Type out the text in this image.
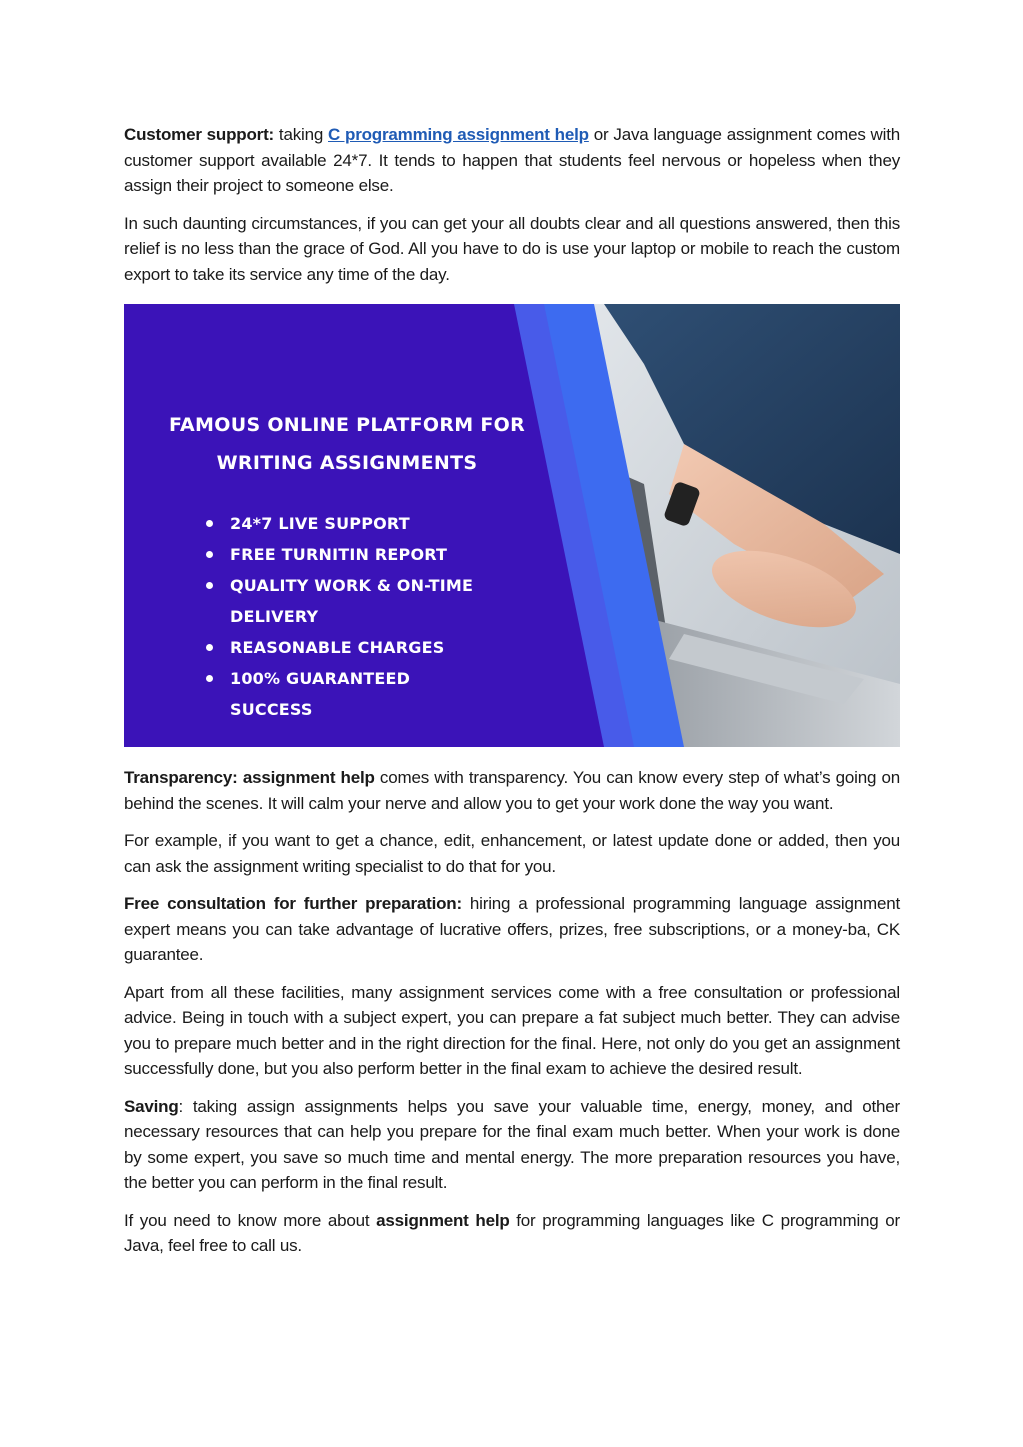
Customer support: taking C programming assignment help or Java language assignment comes with customer support available 24*7. It tends to happen that students feel nervous or hopeless when they assign their project to someone else.

In such daunting circumstances, if you can get your all doubts clear and all questions answered, then this relief is no less than the grace of God. All you have to do is use your laptop or mobile to reach the custom export to take its service any time of the day.

FAMOUS ONLINE PLATFORM FOR
WRITING ASSIGNMENTS
24*7 LIVE SUPPORT
FREE TURNITIN REPORT
QUALITY WORK & ON-TIME DELIVERY
REASONABLE CHARGES
100% GUARANTEED SUCCESS

Transparency: assignment help comes with transparency. You can know every step of what’s going on behind the scenes. It will calm your nerve and allow you to get your work done the way you want.

For example, if you want to get a chance, edit, enhancement, or latest update done or added, then you can ask the assignment writing specialist to do that for you.

Free consultation for further preparation: hiring a professional programming language assignment expert means you can take advantage of lucrative offers, prizes, free subscriptions, or a money-ba, CK guarantee.

Apart from all these facilities, many assignment services come with a free consultation or professional advice. Being in touch with a subject expert, you can prepare a fat subject much better. They can advise you to prepare much better and in the right direction for the final. Here, not only do you get an assignment successfully done, but you also perform better in the final exam to achieve the desired result.

Saving: taking assign assignments helps you save your valuable time, energy, money, and other necessary resources that can help you prepare for the final exam much better. When your work is done by some expert, you save so much time and mental energy. The more preparation resources you have, the better you can perform in the final result.

If you need to know more about assignment help for programming languages like C programming or Java, feel free to call us.
